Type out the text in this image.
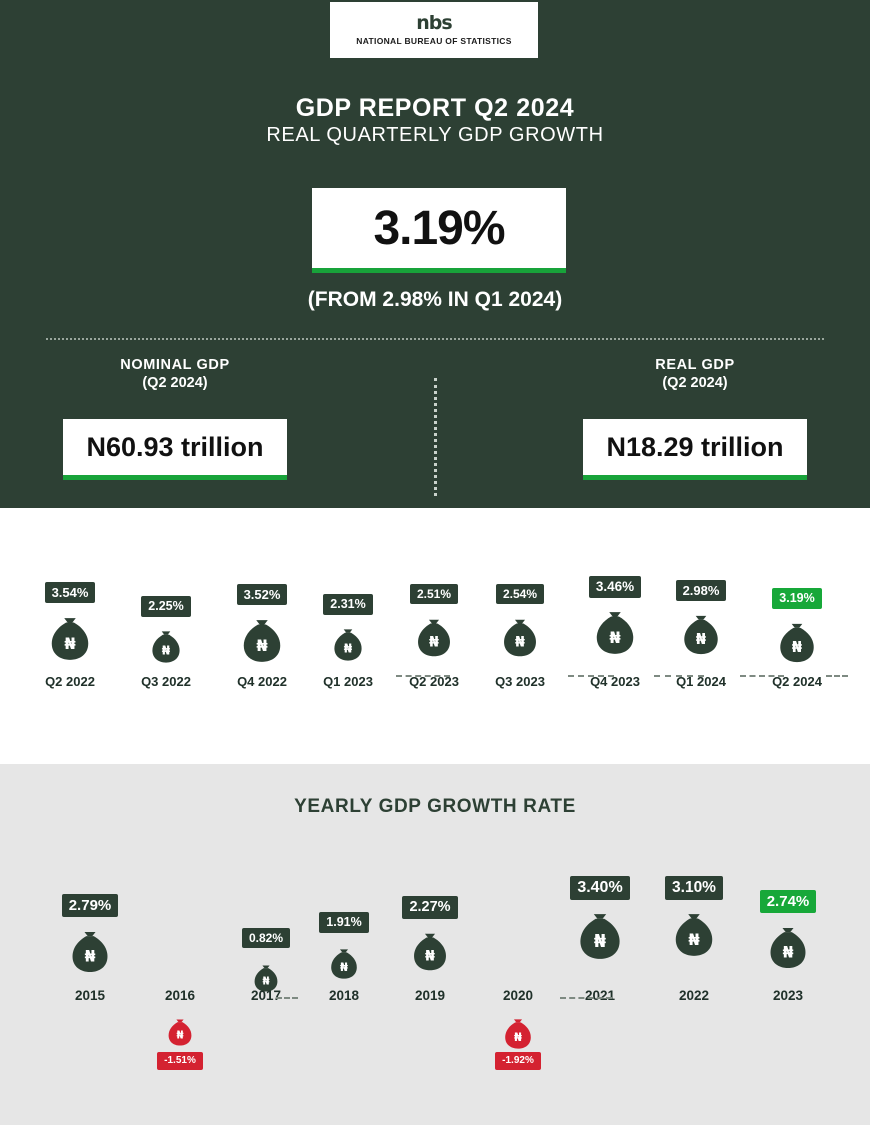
nbs
NATIONAL BUREAU OF STATISTICS
GDP REPORT Q2 2024
REAL QUARTERLY GDP GROWTH
3.19%
(FROM 2.98% IN Q1 2024)
NOMINAL GDP
(Q2 2024)
N60.93 trillion
REAL GDP
(Q2 2024)
N18.29 trillion
3.54%
₦
Q2 2022
2.25%
₦
Q3 2022
3.52%
₦
Q4 2022
2.31%
₦
Q1 2023
2.51%
₦
Q2 2023
2.54%
₦
Q3 2023
3.46%
₦
Q4 2023
2.98%
₦
Q1 2024
3.19%
₦
Q2 2024
YEARLY GDP GROWTH RATE
2.79%
₦
2015	2016
₦
-1.51%
0.82%
₦
2017
1.91%
₦
2018
2.27%
₦
2019	2020
₦
-1.92%
3.40%
₦
2021
3.10%
₦
2022
2.74%
₦
2023
